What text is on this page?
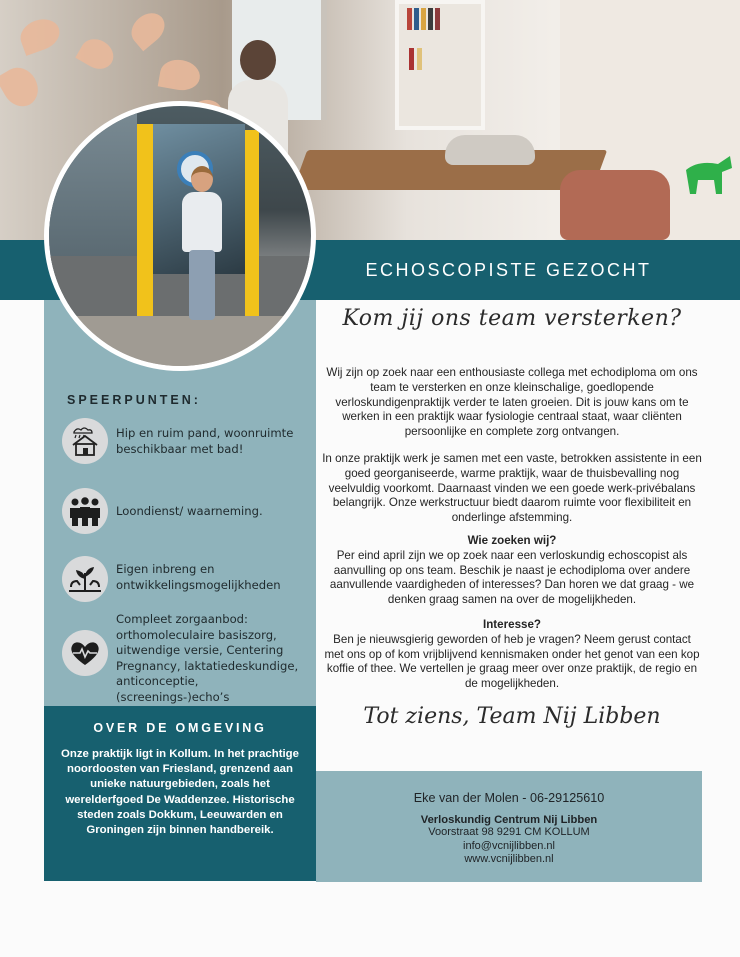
ECHOSCOPISTE GEZOCHT
SPEERPUNTEN:
Hip en ruim pand, woonruimte beschikbaar met bad!
Loondienst/ waarneming.
Eigen inbreng en ontwikkelingsmogelijkheden
Compleet zorgaanbod: orthomoleculaire basiszorg, uitwendige versie, Centering Pregnancy, laktatiedeskundige, anticonceptie, (screenings-)echo’s
OVER DE OMGEVING
Onze praktijk ligt in Kollum. In het prachtige noordoosten van Friesland, grenzend aan unieke natuurgebieden, zoals het werelderfgoed De Waddenzee. Historische steden zoals Dokkum, Leeuwarden en Groningen zijn binnen handbereik.
Kom jij ons team versterken?
Wij zijn op zoek naar een enthousiaste collega met echodiploma om ons team te versterken en onze kleinschalige, goedlopende verloskundigenpraktijk verder te laten groeien. Dit is jouw kans om te werken in een praktijk waar fysiologie centraal staat, waar cliënten persoonlijke en complete zorg ontvangen.
In onze praktijk werk je samen met een vaste, betrokken assistente in een goed georganiseerde, warme praktijk, waar de thuisbevalling nog veelvuldig voorkomt. Daarnaast vinden we een goede werk-privébalans belangrijk. Onze werkstructuur biedt daarom ruimte voor flexibiliteit en onderlinge afstemming.
Wie zoeken wij?
Per eind april zijn we op zoek naar een verloskundig echoscopist als aanvulling op ons team. Beschik je naast je echodiploma over andere aanvullende vaardigheden of interesses? Dan horen we dat graag - we denken graag samen na over de mogelijkheden.
Interesse?
Ben je nieuwsgierig geworden of heb je vragen? Neem gerust contact met ons op of kom vrijblijvend kennismaken onder het genot van een kop koffie of thee. We vertellen je graag meer over onze praktijk, de regio en de mogelijkheden.
Tot ziens, Team Nij Libben
Eke van der Molen - 06-29125610
Verloskundig Centrum Nij Libben
Voorstraat 98 9291 CM KOLLUM
info@vcnijlibben.nl
www.vcnijlibben.nl
